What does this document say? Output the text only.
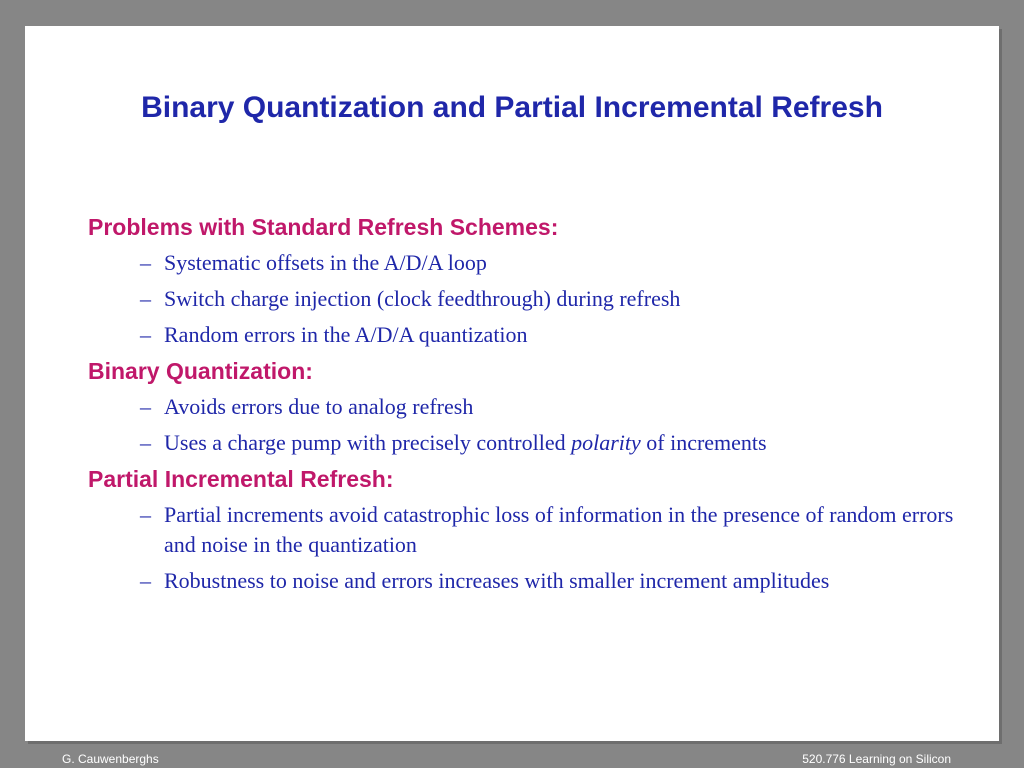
Binary Quantization and Partial Incremental Refresh

Problems with Standard Refresh Schemes:

– Systematic offsets in the A/D/A loop
– Switch charge injection (clock feedthrough) during refresh
– Random errors in the A/D/A quantization

Binary Quantization:

– Avoids errors due to analog refresh
– Uses a charge pump with precisely controlled polarity of increments

Partial Incremental Refresh:

– Partial increments avoid catastrophic loss of information in the presence of random errors and noise in the quantization
– Robustness to noise and errors increases with smaller increment amplitudes
G. Cauwenberghs	520.776 Learning on Silicon
